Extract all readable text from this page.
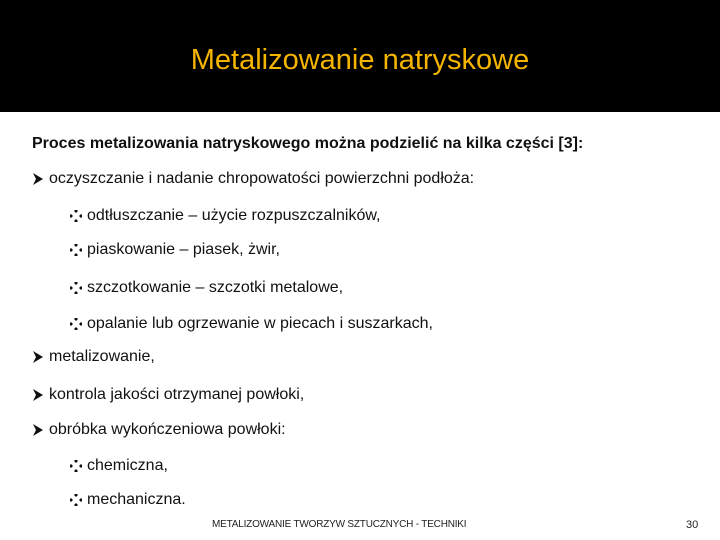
Metalizowanie natryskowe
Proces metalizowania natryskowego można podzielić na kilka części [3]:
oczyszczanie i nadanie chropowatości powierzchni podłoża:
odtłuszczanie – użycie rozpuszczalników,
piaskowanie – piasek, żwir,
szczotkowanie – szczotki metalowe,
opalanie lub ogrzewanie w piecach i suszarkach,
metalizowanie,
kontrola jakości otrzymanej powłoki,
obróbka wykończeniowa powłoki:
chemiczna,
mechaniczna.
METALIZOWANIE TWORZYW SZTUCZNYCH - TECHNIKI	30
